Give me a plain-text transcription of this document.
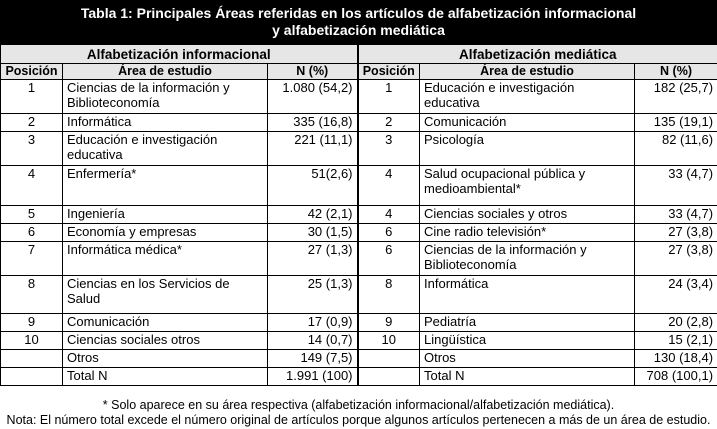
Tabla 1: Principales Áreas referidas en los artículos de alfabetización informacional
y alfabetización mediática
Alfabetización informacional			Alfabetización mediática		
Posición	Área de estudio	N (%)	Posición	Área de estudio	N (%)
1	Ciencias de la información y Biblioteconomía	1.080 (54,2)	1	Educación e investigación educativa	182 (25,7)
2	Informática	335 (16,8)	2	Comunicación	135 (19,1)
3	Educación e investigación educativa	221 (11,1)	3	Psicología	82 (11,6)
4	Enfermería*	51(2,6)	4	Salud ocupacional pública y medioambiental*	33 (4,7)
5	Ingeniería	42 (2,1)	4	Ciencias sociales y otros	33 (4,7)
6	Economía y empresas	30 (1,5)	6	Cine radio televisión*	27 (3,8)
7	Informática médica*	27 (1,3)	6	Ciencias de la información y Biblioteconomía	27 (3,8)
8	Ciencias en los Servicios de Salud	25 (1,3)	8	Informática	24 (3,4)
9	Comunicación	17 (0,9)	9	Pediatría	20 (2,8)
10	Ciencias sociales otros	14 (0,7)	10	Lingüística	15 (2,1)
	Otros	149 (7,5)		Otros	130 (18,4)
	Total N	1.991 (100)		Total N	708 (100,1)
* Solo aparece en su área respectiva (alfabetización informacional/alfabetización mediática).
Nota: El número total excede el número original de artículos porque algunos artículos pertenecen a más de un área de estudio.
